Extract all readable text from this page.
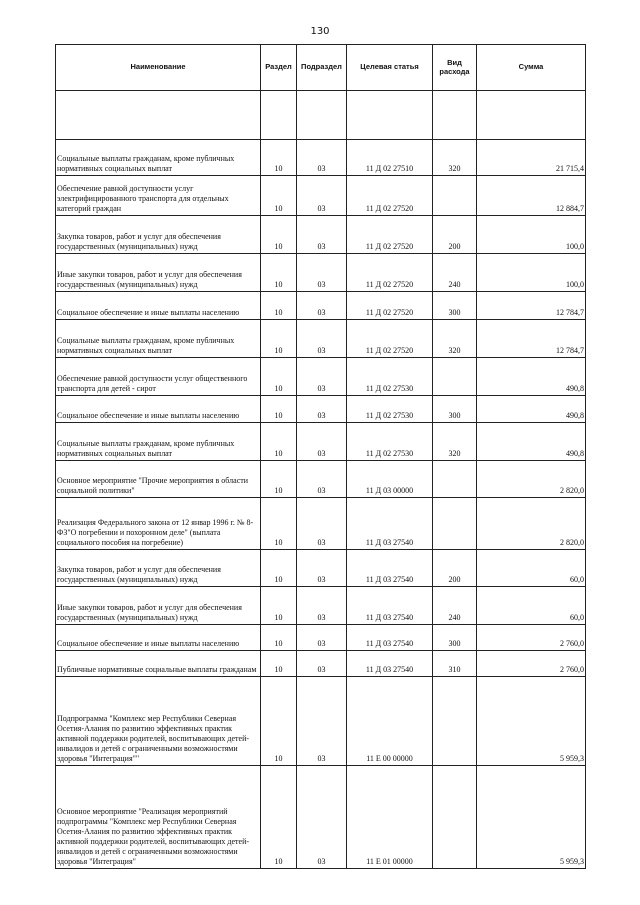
130
Наименование	Раздел	Подраздел	Целевая статья	Вид расхода	Сумма

Социальные выплаты гражданам, кроме публичных нормативных социальных выплат	10	03	11 Д 02 27510	320	21 715,4
Обеспечение равной доступности услуг электрифицированного транспорта для отдельных категорий граждан	10	03	11 Д 02 27520		12 884,7
Закупка товаров, работ и услуг для обеспечения государственных (муниципальных) нужд	10	03	11 Д 02 27520	200	100,0
Иные закупки товаров, работ и услуг для обеспечения государственных (муниципальных) нужд	10	03	11 Д 02 27520	240	100,0
Социальное обеспечение и иные выплаты населению	10	03	11 Д 02 27520	300	12 784,7
Социальные выплаты гражданам, кроме публичных нормативных социальных выплат	10	03	11 Д 02 27520	320	12 784,7
Обеспечение равной доступности услуг общественного транспорта для детей - сирот	10	03	11 Д 02 27530		490,8
Социальное обеспечение и иные выплаты населению	10	03	11 Д 02 27530	300	490,8
Социальные выплаты гражданам, кроме публичных нормативных социальных выплат	10	03	11 Д 02 27530	320	490,8
Основное мероприятие "Прочие мероприятия в области социальной политики"	10	03	11 Д 03 00000		2 820,0
Реализация Федерального закона от 12 январ 1996 г. № 8-ФЗ"О погребении и похоронном деле" (выплата социального пособия на погребение)	10	03	11 Д 03 27540		2 820,0
Закупка товаров, работ и услуг для обеспечения государственных (муниципальных) нужд	10	03	11 Д 03 27540	200	60,0
Иные закупки товаров, работ и услуг для обеспечения государственных (муниципальных) нужд	10	03	11 Д 03 27540	240	60,0
Социальное обеспечение и иные выплаты населению	10	03	11 Д 03 27540	300	2 760,0
Публичные нормативные социальные выплаты гражданам	10	03	11 Д 03 27540	310	2 760,0
Подпрограмма "Комплекс мер Республики Северная Осетия-Алания по развитию эффективных практик активной поддержки родителей, воспитывающих детей-инвалидов и детей с ограниченными возможностями здоровья "Интеграция""	10	03	11 Е 00 00000		5 959,3
Основное мероприятие "Реализация мероприятий подпрограммы "Комплекс мер Республики Северная Осетия-Алания по развитию эффективных практик активной поддержки родителей, воспитывающих детей-инвалидов и детей с ограниченными возможностями здоровья "Интеграция"	10	03	11 Е 01 00000		5 959,3
